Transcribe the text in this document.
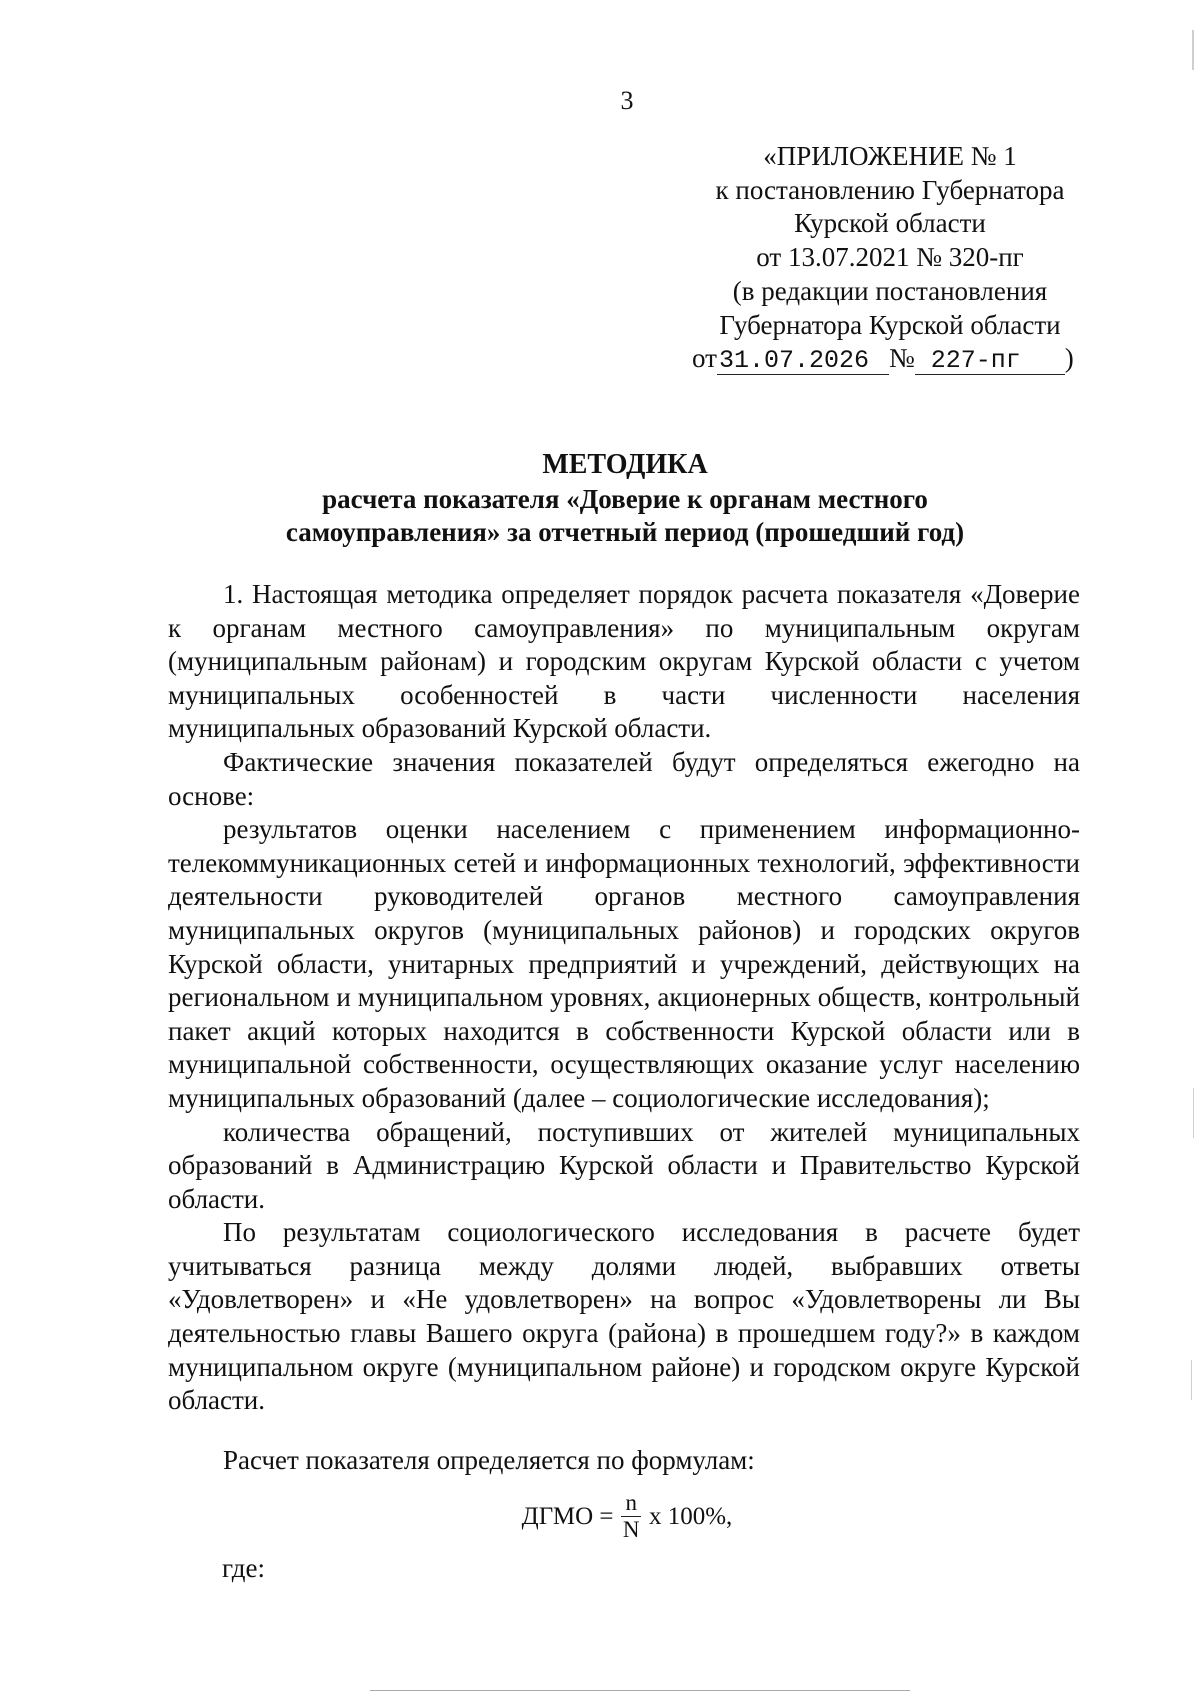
3
«ПРИЛОЖЕНИЕ № 1
к постановлению Губернатора
Курской области
от 13.07.2021 № 320-пг
(в редакции постановления
Губернатора Курской области
от31.07.2026 № 227-пг )
МЕТОДИКА
расчета показателя «Доверие к органам местного
самоуправления» за отчетный период (прошедший год)

1. Настоящая методика определяет порядок расчета показателя «Доверие к органам местного самоуправления» по муниципальным округам (муниципальным районам) и городским округам Курской области с учетом муниципальных особенностей в части численности населения муниципальных образований Курской области.

Фактические значения показателей будут определяться ежегодно на основе:

результатов оценки населением с применением информационно-телекоммуникационных сетей и информационных технологий, эффективности деятельности руководителей органов местного самоуправления муниципальных округов (муниципальных районов) и городских округов Курской области, унитарных предприятий и учреждений, действующих на региональном и муниципальном уровнях, акционерных обществ, контрольный пакет акций которых находится в собственности Курской области или в муниципальной собственности, осуществляющих оказание услуг населению муниципальных образований (далее – социологические исследования);

количества обращений, поступивших от жителей муниципальных образований в Администрацию Курской области и Правительство Курской области.

По результатам социологического исследования в расчете будет учитываться разница между долями людей, выбравших ответы «Удовлетворен» и «Не удовлетворен» на вопрос «Удовлетворены ли Вы деятельностью главы Вашего округа (района) в прошедшем году?» в каждом муниципальном округе (муниципальном районе) и городском округе Курской области.

Расчет показателя определяется по формулам:

ДГМО = $\frac{n}{N}$ x 100%,
где:
